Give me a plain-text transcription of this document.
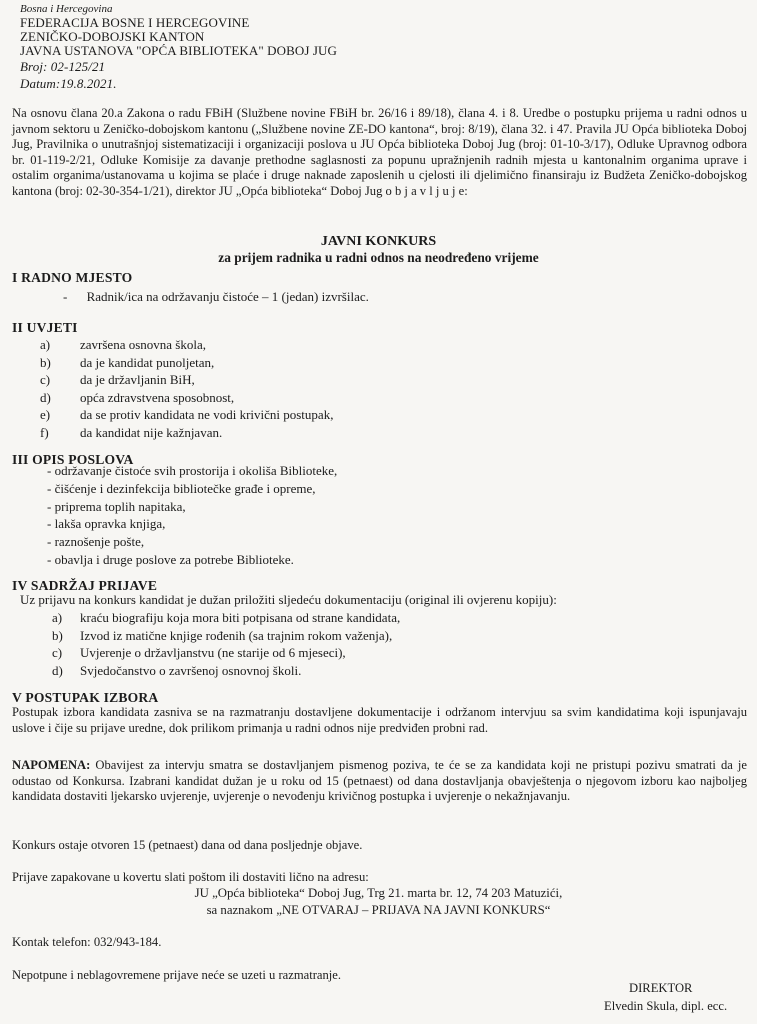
Bosna i Hercegovina
FEDERACIJA BOSNE I HERCEGOVINE
ZENIČKO-DOBOJSKI KANTON
JAVNA USTANOVA "OPĆA BIBLIOTEKA" DOBOJ JUG
Broj: 02-125/21
Datum:19.8.2021.
Na osnovu člana 20.a Zakona o radu FBiH (Službene novine FBiH br. 26/16 i 89/18), člana 4. i 8. Uredbe o postupku prijema u radni odnos u javnom sektoru u Zeničko-dobojskom kantonu („Službene novine ZE-DO kantona“, broj: 8/19), člana 32. i 47. Pravila JU Opća biblioteka Doboj Jug, Pravilnika o unutrašnjoj sistematizaciji i organizaciji poslova u JU Opća biblioteka Doboj Jug (broj: 01-10-3/17), Odluke Upravnog odbora br. 01-119-2/21, Odluke Komisije za davanje prethodne saglasnosti za popunu upražnjenih radnih mjesta u kantonalnim organima uprave i ostalim organima/ustanovama u kojima se plaće i druge naknade zaposlenih u cjelosti ili djelimično finansiraju iz Budžeta Zeničko-dobojskog kantona (broj: 02-30-354-1/21), direktor JU „Opća biblioteka“ Doboj Jug o b j a v l j u j e:
JAVNI KONKURS
za prijem radnika u radni odnos na neodređeno vrijeme
I RADNO MJESTO
- Radnik/ica na održavanju čistoće – 1 (jedan) izvršilac.
II UVJETI
a)	završena osnovna škola,
b)	da je kandidat punoljetan,
c)	da je državljanin BiH,
d)	opća zdravstvena sposobnost,
e)	da se protiv kandidata ne vodi krivični postupak,
f)	da kandidat nije kažnjavan.
III OPIS POSLOVA
- održavanje čistoće svih prostorija i okoliša Biblioteke,
- čišćenje i dezinfekcija bibliotečke građe i opreme,
- priprema toplih napitaka,
- lakša opravka knjiga,
- raznošenje pošte,
- obavlja i druge poslove za potrebe Biblioteke.
IV SADRŽAJ PRIJAVE
Uz prijavu na konkurs kandidat je dužan priložiti sljedeću dokumentaciju (original ili ovjerenu kopiju):
a)	kraću biografiju koja mora biti potpisana od strane kandidata,
b)	Izvod iz matične knjige rođenih (sa trajnim rokom važenja),
c)	Uvjerenje o državljanstvu (ne starije od 6 mjeseci),
d)	Svjedočanstvo o završenoj osnovnoj školi.
V POSTUPAK IZBORA
Postupak izbora kandidata zasniva se na razmatranju dostavljene dokumentacije i održanom intervjuu sa svim kandidatima koji ispunjavaju uslove i čije su prijave uredne, dok prilikom primanja u radni odnos nije predviđen probni rad.
NAPOMENA: Obavijest za intervju smatra se dostavljanjem pismenog poziva, te će se za kandidata koji ne pristupi pozivu smatrati da je odustao od Konkursa. Izabrani kandidat dužan je u roku od 15 (petnaest) od dana dostavljanja obavještenja o njegovom izboru kao najboljeg kandidata dostaviti ljekarsko uvjerenje, uvjerenje o nevođenju krivičnog postupka i uvjerenje o nekažnjavanju.
Konkurs ostaje otvoren 15 (petnaest) dana od dana posljednje objave.
Prijave zapakovane u kovertu slati poštom ili dostaviti lično na adresu:
JU „Opća biblioteka“ Doboj Jug, Trg 21. marta br. 12, 74 203 Matuzići,
sa naznakom „NE OTVARAJ – PRIJAVA NA JAVNI KONKURS“
Kontak telefon: 032/943-184.
Nepotpune i neblagovremene prijave neće se uzeti u razmatranje.
DIREKTOR
Elvedin Skula, dipl. ecc.
